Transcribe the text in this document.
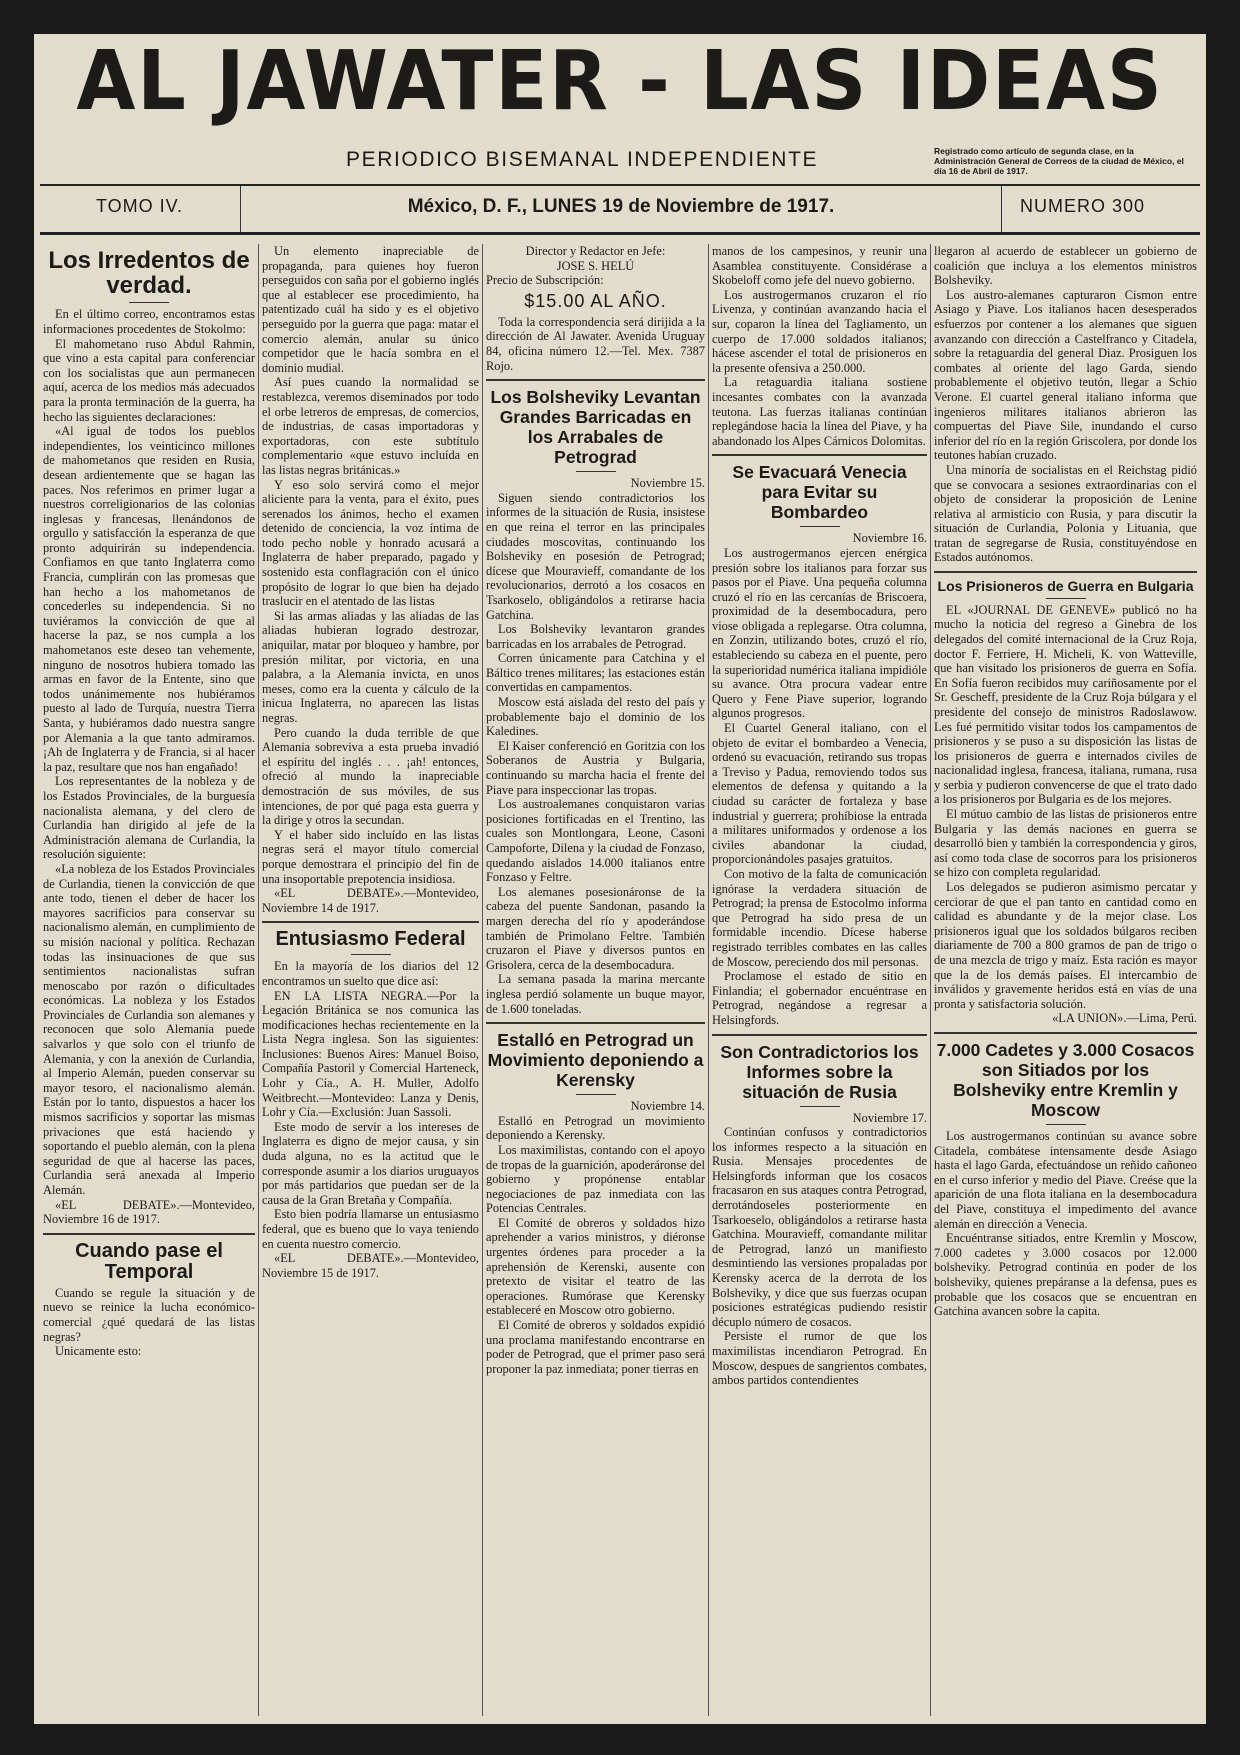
AL JAWATER - LAS IDEAS
PERIODICO BISEMANAL INDEPENDIENTE	Registrado como artículo de segunda clase, en la Administración General de Correos de la ciudad de México, el día 16 de Abril de 1917.
TOMO IV.	México, D. F., LUNES 19 de Noviembre de 1917.	NUMERO 300
Los Irredentos de verdad.

En el último correo, encontramos estas informaciones procedentes de Stokolmo:

El mahometano ruso Abdul Rahmin, que vino a esta capital para conferenciar con los socialistas que aun permanecen aquí, acerca de los medios más adecuados para la pronta terminación de la guerra, ha hecho las siguientes declaraciones:

«Al igual de todos los pueblos independientes, los veinticinco millones de mahometanos que residen en Rusia, desean ardientemente que se hagan las paces. Nos referimos en primer lugar a nuestros correligionarios de las colonias inglesas y francesas, llenándonos de orgullo y satisfacción la esperanza de que pronto adquirirán su independencia. Confiamos en que tanto Inglaterra como Francia, cumplirán con las promesas que han hecho a los mahometanos de concederles su independencia. Si no tuviéramos la convicción de que al hacerse la paz, se nos cumpla a los mahometanos este deseo tan vehemente, ninguno de nosotros hubiera tomado las armas en favor de la Entente, sino que todos unánimemente nos hubiéramos puesto al lado de Turquía, nuestra Tierra Santa, y hubiéramos dado nuestra sangre por Alemania a la que tanto admiramos. ¡Ah de Inglaterra y de Francia, si al hacer la paz, resultare que nos han engañado!

Los representantes de la nobleza y de los Estados Provinciales, de la burguesía nacionalista alemana, y del clero de Curlandia han dirigido al jefe de la Administración alemana de Curlandia, la resolución siguiente:

«La nobleza de los Estados Provinciales de Curlandia, tienen la convicción de que ante todo, tienen el deber de hacer los mayores sacrificios para conservar su nacionalismo alemán, en cumplimiento de su misión nacional y política. Rechazan todas las insinuaciones de que sus sentimientos nacionalistas sufran menoscabo por razón o dificultades económicas. La nobleza y los Estados Provinciales de Curlandia son alemanes y reconocen que solo Alemania puede salvarlos y que solo con el triunfo de Alemania, y con la anexión de Curlandia, al Imperio Alemán, pueden conservar su mayor tesoro, el nacionalismo alemán. Están por lo tanto, dispuestos a hacer los mismos sacrificios y soportar las mismas privaciones que está haciendo y soportando el pueblo alemán, con la plena seguridad de que al hacerse las paces, Curlandia será anexada al Imperio Alemán.

«EL DEBATE».—Montevideo, Noviembre 16 de 1917.

Cuando pase el Temporal

Cuando se regule la situación y de nuevo se reinice la lucha económico-comercial ¿qué quedará de las listas negras?

Unicamente esto:

Un elemento inapreciable de propaganda, para quienes hoy fueron perseguidos con saña por el gobierno inglés que al establecer ese procedimiento, ha patentizado cuál ha sido y es el objetivo perseguido por la guerra que paga: matar el comercio alemán, anular su único competidor que le hacía sombra en el dominio mudial.

Así pues cuando la normalidad se restablezca, veremos diseminados por todo el orbe letreros de empresas, de comercios, de industrias, de casas importadoras y exportadoras, con este subtítulo complementario «que estuvo incluída en las listas negras británicas.»

Y eso solo servirá como el mejor aliciente para la venta, para el éxito, pues serenados los ánimos, hecho el examen detenido de conciencia, la voz íntima de todo pecho noble y honrado acusará a Inglaterra de haber preparado, pagado y sostenido esta conflagración con el único propósito de lograr lo que bien ha dejado traslucir en el atentado de las listas

Si las armas aliadas y las aliadas de las aliadas hubieran logrado destrozar, aniquilar, matar por bloqueo y hambre, por presión militar, por victoria, en una palabra, a la Alemania invicta, en unos meses, como era la cuenta y cálculo de la inicua Inglaterra, no aparecen las listas negras.

Pero cuando la duda terrible de que Alemania sobreviva a esta prueba invadió el espíritu del inglés . . . ¡ah! entonces, ofreció al mundo la inapreciable demostración de sus móviles, de sus intenciones, de por qué paga esta guerra y la dirige y otros la secundan.

Y el haber sido incluído en las listas negras será el mayor título comercial porque demostrara el principio del fin de una insoportable prepotencia insidiosa.

«EL DEBATE».—Montevideo, Noviembre 14 de 1917.

Entusiasmo Federal

En la mayoría de los diarios del 12 encontramos un suelto que dice así:

EN LA LISTA NEGRA.—Por la Legación Británica se nos comunica las modificaciones hechas recientemente en la Lista Negra inglesa. Son las siguientes: Inclusiones: Buenos Aires: Manuel Boiso, Compañía Pastoril y Comercial Harteneck, Lohr y Cía., A. H. Muller, Adolfo Weitbrecht.—Montevideo: Lanza y Denis, Lohr y Cía.—Exclusión: Juan Sassoli.

Este modo de servir a los intereses de Inglaterra es digno de mejor causa, y sin duda alguna, no es la actitud que le corresponde asumir a los diarios uruguayos por más partidarios que puedan ser de la causa de la Gran Bretaña y Compañía.

Esto bien podría llamarse un entusiasmo federal, que es bueno que lo vaya teniendo en cuenta nuestro comercio.

«EL DEBATE».—Montevideo, Noviembre 15 de 1917.

Director y Redactor en Jefe:

JOSE S. HELÚ

Precio de Subscripción:

$15.00 AL AÑO.

Toda la correspondencia será dirijida a la dirección de Al Jawater. Avenida Uruguay 84, oficina número 12.—Tel. Mex. 7387 Rojo.

Los Bolsheviky Levantan Grandes Barricadas en los Arrabales de Petrograd

Noviembre 15.

Siguen siendo contradictorios los informes de la situación de Rusia, insistese en que reina el terror en las principales ciudades moscovitas, continuando los Bolsheviky en posesión de Petrograd; dícese que Mouravieff, comandante de los revolucionarios, derrotó a los cosacos en Tsarkoselo, obligándolos a retirarse hacia Gatchina.

Los Bolsheviky levantaron grandes barricadas en los arrabales de Petrograd.

Corren únicamente para Catchina y el Báltico trenes militares; las estaciones están convertidas en campamentos.

Moscow está aislada del resto del país y probablemente bajo el dominio de los Kaledines.

El Kaiser conferenció en Goritzia con los Soberanos de Austria y Bulgaria, continuando su marcha hacia el frente del Piave para inspeccionar las tropas.

Los austroalemanes conquistaron varias posiciones fortificadas en el Trentino, las cuales son Montlongara, Leone, Casoni Campoforte, Dilena y la ciudad de Fonzaso, quedando aislados 14.000 italianos entre Fonzaso y Feltre.

Los alemanes posesionáronse de la cabeza del puente Sandonan, pasando la margen derecha del río y apoderándose también de Primolano Feltre. También cruzaron el Piave y diversos puntos en Grisolera, cerca de la desembocadura.

La semana pasada la marina mercante inglesa perdió solamente un buque mayor, de 1.600 toneladas.

Estalló en Petrograd un Movimiento deponiendo a Kerensky

Noviembre 14.

Estalló en Petrograd un movimiento deponiendo a Kerensky.

Los maximilistas, contando con el apoyo de tropas de la guarnición, apoderáronse del gobierno y propónense entablar negociaciones de paz inmediata con las Potencias Centrales.

El Comité de obreros y soldados hizo aprehender a varios ministros, y diéronse urgentes órdenes para proceder a la aprehensión de Kerenski, ausente con pretexto de visitar el teatro de las operaciones. Rumórase que Kerensky estableceré en Moscow otro gobierno.

El Comité de obreros y soldados expidió una proclama manifestando encontrarse en poder de Petrograd, que el primer paso será proponer la paz inmediata; poner tierras en

manos de los campesinos, y reunir una Asamblea constituyente. Considérase a Skobeloff como jefe del nuevo gobierno.

Los austrogermanos cruzaron el río Livenza, y continúan avanzando hacia el sur, coparon la línea del Tagliamento, un cuerpo de 17.000 soldados italianos; hácese ascender el total de prisioneros en la presente ofensiva a 250.000.

La retaguardia italiana sostiene incesantes combates con la avanzada teutona. Las fuerzas italianas continúan replegándose hacia la línea del Piave, y ha abandonado los Alpes Cárnicos Dolomitas.

Se Evacuará Venecia para Evitar su Bombardeo

Noviembre 16.

Los austrogermanos ejercen enérgica presión sobre los italianos para forzar sus pasos por el Piave. Una pequeña columna cruzó el río en las cercanías de Briscoera, proximidad de la desembocadura, pero viose obligada a replegarse. Otra columna, en Zonzin, utilizando botes, cruzó el río, estableciendo su cabeza en el puente, pero la superioridad numérica italiana impidióle su avance. Otra procura vadear entre Quero y Fene Piave superior, logrando algunos progresos.

El Cuartel General italiano, con el objeto de evitar el bombardeo a Venecia, ordenó su evacuación, retirando sus tropas a Treviso y Padua, removiendo todos sus elementos de defensa y quitando a la ciudad su carácter de fortaleza y base industrial y guerrera; prohíbiose la entrada a militares uniformados y ordenose a los civiles abandonar la ciudad, proporcionándoles pasajes gratuitos.

Con motivo de la falta de comunicación ignórase la verdadera situación de Petrograd; la prensa de Estocolmo informa que Petrograd ha sido presa de un formidable incendio. Dícese haberse registrado terribles combates en las calles de Moscow, pereciendo dos mil personas.

Proclamose el estado de sitio en Finlandia; el gobernador encuéntrase en Petrograd, negándose a regresar a Helsingfords.

Son Contradictorios los Informes sobre la situación de Rusia

Noviembre 17.

Continúan confusos y contradictorios los informes respecto a la situación en Rusia. Mensajes procedentes de Helsingfords informan que los cosacos fracasaron en sus ataques contra Petrograd, derrotándoseles posteriormente en Tsarkoeselo, obligándolos a retirarse hasta Gatchina. Mouravieff, comandante militar de Petrograd, lanzó un manifiesto desmintiendo las versiones propaladas por Kerensky acerca de la derrota de los Bolsheviky, y dice que sus fuerzas ocupan posiciones estratégicas pudiendo resistir décuplo número de cosacos.

Persiste el rumor de que los maximilistas incendiaron Petrograd. En Moscow, despues de sangrientos combates, ambos partidos contendientes

llegaron al acuerdo de establecer un gobierno de coalición que incluya a los elementos ministros Bolsheviky.

Los austro-alemanes capturaron Cismon entre Asiago y Piave. Los italianos hacen desesperados esfuerzos por contener a los alemanes que siguen avanzando con dirección a Castelfranco y Citadela, sobre la retaguardia del general Diaz. Prosiguen los combates al oriente del lago Garda, siendo probablemente el objetivo teutón, llegar a Schio Verone. El cuartel general italiano informa que ingenieros militares italianos abrieron las compuertas del Piave Sile, inundando el curso inferior del río en la región Griscolera, por donde los teutones habían cruzado.

Una minoría de socialistas en el Reichstag pidió que se convocara a sesiones extraordinarias con el objeto de considerar la proposición de Lenine relativa al armisticio con Rusia, y para discutir la situación de Curlandia, Polonia y Lituania, que tratan de segregarse de Rusia, constituyéndose en Estados autónomos.

Los Prisioneros de Guerra en Bulgaria

EL «JOURNAL DE GENEVE» publicó no ha mucho la noticia del regreso a Ginebra de los delegados del comité internacional de la Cruz Roja, doctor F. Ferriere, H. Micheli, K. von Watteville, que han visitado los prisioneros de guerra en Sofía. En Sofía fueron recibidos muy cariñosamente por el Sr. Gescheff, presidente de la Cruz Roja búlgara y el presidente del consejo de ministros Radoslawow. Les fué permitido visitar todos los campamentos de prisioneros y se puso a su disposición las listas de los prisioneros de guerra e internados civiles de nacionalidad inglesa, francesa, italiana, rumana, rusa y serbia y pudieron convencerse de que el trato dado a los prisioneros por Bulgaria es de los mejores.

El mútuo cambio de las listas de prisioneros entre Bulgaria y las demás naciones en guerra se desarrolló bien y también la correspondencia y giros, así como toda clase de socorros para los prisioneros se hizo con completa regularidad.

Los delegados se pudieron asimismo percatar y cerciorar de que el pan tanto en cantidad como en calidad es abundante y de la mejor clase. Los prisioneros igual que los soldados búlgaros reciben diariamente de 700 a 800 gramos de pan de trigo o de una mezcla de trigo y maíz. Esta ración es mayor que la de los demás países. El intercambio de inválidos y gravemente heridos está en vías de una pronta y satisfactoria solución.

«LA UNION».—Lima, Perú.

7.000 Cadetes y 3.000 Cosacos son Sitiados por los Bolsheviky entre Kremlin y Moscow

Los austrogermanos continúan su avance sobre Citadela, combátese intensamente desde Asiago hasta el lago Garda, efectuándose un reñido cañoneo en el curso inferior y medio del Piave. Creése que la aparición de una flota italiana en la desembocadura del Piave, constituya el impedimento del avance alemán en dirección a Venecia.

Encuéntranse sitiados, entre Kremlin y Moscow, 7.000 cadetes y 3.000 cosacos por 12.000 bolsheviky. Petrograd continúa en poder de los bolsheviky, quienes prepáranse a la defensa, pues es probable que los cosacos que se encuentran en Gatchina avancen sobre la capita.
